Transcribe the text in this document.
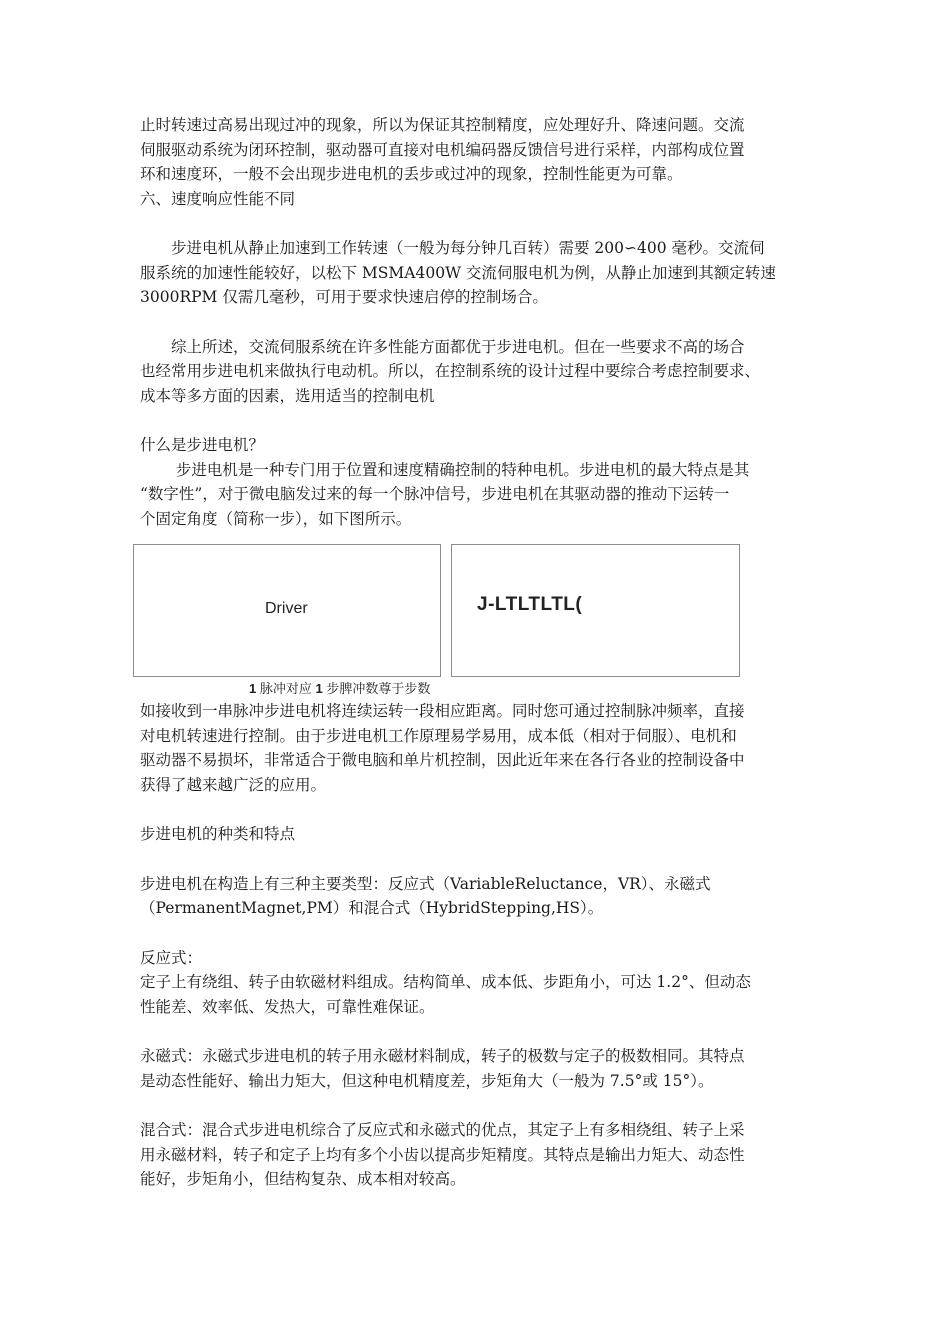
止时转速过高易出现过冲的现象，所以为保证其控制精度，应处理好升、降速问题。交流

伺服驱动系统为闭环控制，驱动器可直接对电机编码器反馈信号进行采样，内部构成位置

环和速度环，一般不会出现步进电机的丢步或过冲的现象，控制性能更为可靠。

六、速度响应性能不同

　　步进电机从静止加速到工作转速（一般为每分钟几百转）需要 200∽400 毫秒。交流伺

服系统的加速性能较好，以松下 MSMA400W 交流伺服电机为例，从静止加速到其额定转速

3000RPM 仅需几毫秒，可用于要求快速启停的控制场合。

　　综上所述，交流伺服系统在许多性能方面都优于步进电机。但在一些要求不高的场合

也经常用步进电机来做执行电动机。所以，在控制系统的设计过程中要综合考虑控制要求、

成本等多方面的因素，选用适当的控制电机

什么是步进电机？

　　 步进电机是一种专门用于位置和速度精确控制的特种电机。步进电机的最大特点是其

“数字性”，对于微电脑发过来的每一个脉冲信号，步进电机在其驱动器的推动下运转一

个固定角度（简称一步），如下图所示。

Driver	J-LTLTLTL(
1 脉冲对应 1 步脾冲数尊于步数

如接收到一串脉冲步进电机将连续运转一段相应距离。同时您可通过控制脉冲频率，直接

对电机转速进行控制。由于步进电机工作原理易学易用，成本低（相对于伺服）、电机和

驱动器不易损坏，非常适合于微电脑和单片机控制，因此近年来在各行各业的控制设备中

获得了越来越广泛的应用。

步进电机的种类和特点

步进电机在构造上有三种主要类型：反应式（VariableReluctance，VR）、永磁式

（PermanentMagnet,PM）和混合式（HybridStepping,HS）。

反应式：

定子上有绕组、转子由软磁材料组成。结构简单、成本低、步距角小，可达 1.2°、但动态

性能差、效率低、发热大，可靠性难保证。

永磁式：永磁式步进电机的转子用永磁材料制成，转子的极数与定子的极数相同。其特点

是动态性能好、输出力矩大，但这种电机精度差，步矩角大（一般为 7.5°或 15°）。

混合式：混合式步进电机综合了反应式和永磁式的优点，其定子上有多相绕组、转子上采

用永磁材料，转子和定子上均有多个小齿以提高步矩精度。其特点是输出力矩大、动态性

能好，步矩角小，但结构复杂、成本相对较高。
